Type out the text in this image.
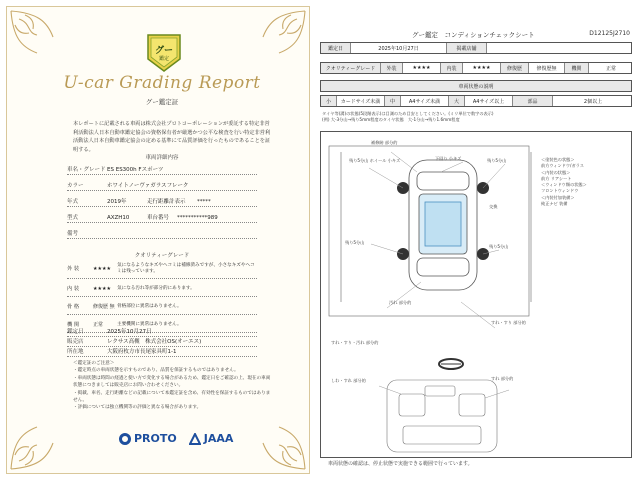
グー
鑑定
U-car Grading Report
グー鑑定証
本レポートに記載される車両は株式会社プロトコーポレーションが委託する特定非営利活動法人日本自動車鑑定協会の資格保有者が厳選かつ公平な検査を行い特定非営利活動法人日本自動車鑑定協会の定める基準にて品質評価を行ったものであることを証明する。
車両詳細内容
車名・グレード ES ES300h Fスポーツ
カラー	ホワイトノーヴァガラスフレーク
年式	2019年	走行距離計表示	*****
型式	AXZH10	車台番号	***********989
備考
クオリティーグレード
外 装	★★★★
気になるようなキズやヘコミは補修済みですが、小さなキズやヘコミは残っています。
内 装	★★★★	気になる汚れ等が部分的にあります。
骨 格	修復歴 無 骨格部位に異常はありません。
機 関	正常	主要機関に異常はありません。
鑑定日	2025年10月27日
販売店	レクサス高槻　株式会社OS(オーエス)
所在地	大阪府枚方市長尾家具町1-1
＜鑑定証のご注意＞
・鑑定時点の車両状態を示すものであり、品質を保証するものではありません。
・車両状態は時間の経過と使い方で変化する場合があるため、鑑定日をご確認の上、現在の車両状態につきましては販売店にお問い合わせください。
・掲載、車名、走行距離などの記載について本鑑定証を含め、有効性を保証するものではありません。
・評価については独立機関等の評価と異なる場合があります。
PROTO JAAA
グー鑑定　コンディションチェックシート	D12125J2710
鑑定日	2025年10月27日	掲載店舗
クオリティーグレード	外装	★★★★	内装	★★★★	修復歴	修復歴無	機関	正常
車両状態の説明
小	カードサイズ未満	中	A4サイズ未満	大	A4サイズ以上	部品	2個以上
タイヤ等(溝)の状態(5段階表示)は目測のため目安としてください。(ミリ単位で数字の表示)
(例) 大-3分山→残り5mm程度のタイヤ状態　大-1分山→残り1.6mm程度
残り5分山 ホイール 小キズ	下回り 小キズ
補修跡 部分的
交換
残り5分山
残り5分山
残り5分山
すれ・すり 部分的
汚れ 部分的
すれ・すり・汚れ 部分的
しわ・すれ 部分的	すれ 部分的
＜塗装色の状態＞
前方ウィンドウ/ガラス
＜内装の状態＞
前方 リアシート
＜ウィンドウ類の状態＞
フロントウィンドウ
＜内装付加装備＞
純正ナビ 装備
車両状態の確認は、停止状態で実施できる範囲で行っています。
